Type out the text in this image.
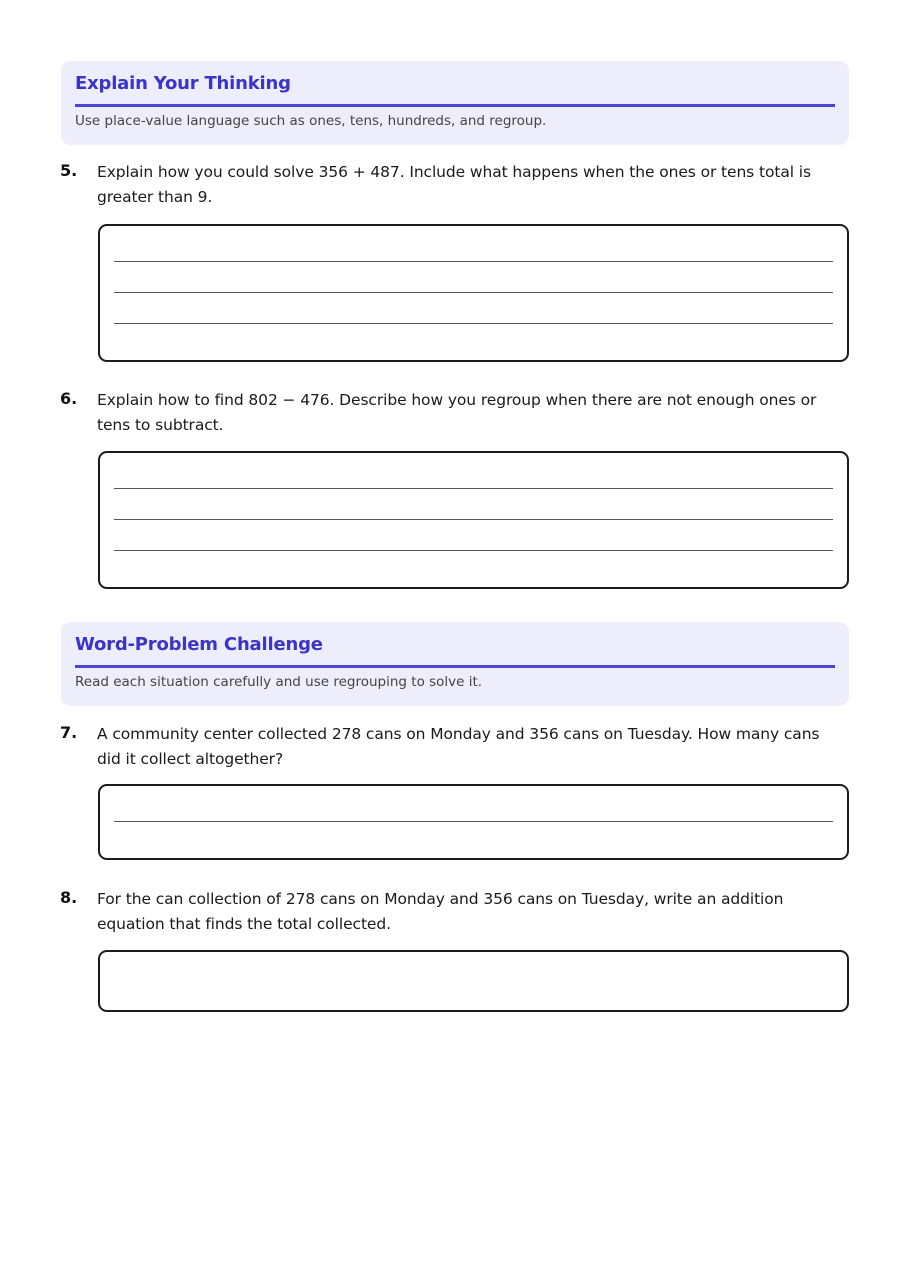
Explain Your Thinking
Use place-value language such as ones, tens, hundreds, and regroup.
5. Explain how you could solve 356 + 487. Include what happens when the ones or tens total is
greater than 9.
6. Explain how to find 802 − 476. Describe how you regroup when there are not enough ones or
tens to subtract.
Word-Problem Challenge
Read each situation carefully and use regrouping to solve it.
7. A community center collected 278 cans on Monday and 356 cans on Tuesday. How many cans
did it collect altogether?
8. For the can collection of 278 cans on Monday and 356 cans on Tuesday, write an addition
equation that finds the total collected.
